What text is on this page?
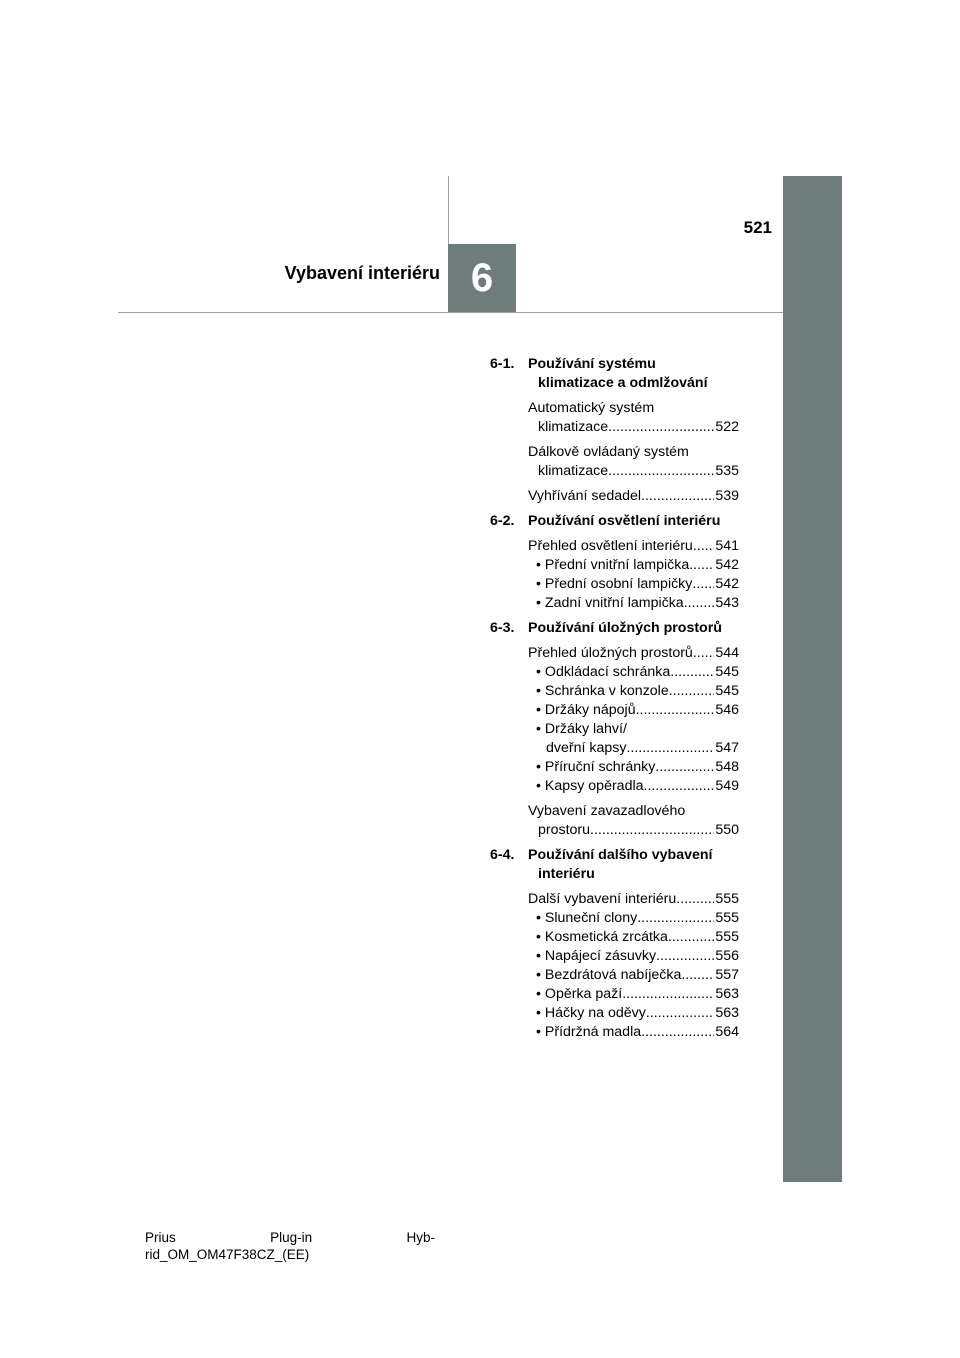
521
Vybavení interiéru 6
6-1. Používání systému
klimatizace a odmlžování
Automatický systém
klimatizace .....	522
Dálkově ovládaný systém
klimatizace .....	535
Vyhřívání sedadel .....	539
6-2. Používání osvětlení interiéru
Přehled osvětlení interiéru ..... 541
• Přední vnitřní lampička ..... 542
• Přední osobní lampičky ..... 542
• Zadní vnitřní lampička ..... 543
6-3. Používání úložných prostorů
Přehled úložných prostorů ..... 544
• Odkládací schránka .....	545
• Schránka v konzole .....	545
• Držáky nápojů .....	546
• Držáky lahví/
dveřní kapsy .....	547
• Příruční schránky .....	548
• Kapsy opěradla .....	549
Vybavení zavazadlového
prostoru .....	550
6-4. Používání dalšího vybavení
interiéru
Další vybavení interiéru .....	555
• Sluneční clony .....	555
• Kosmetická zrcátka .....	555
• Napájecí zásuvky .....	556
• Bezdrátová nabíječka ..... 557
• Opěrka paží .....	563
• Háčky na oděvy .....	563
• Přídržná madla .....	564
Prius	Plug-in	Hyb-
rid_OM_OM47F38CZ_(EE)
